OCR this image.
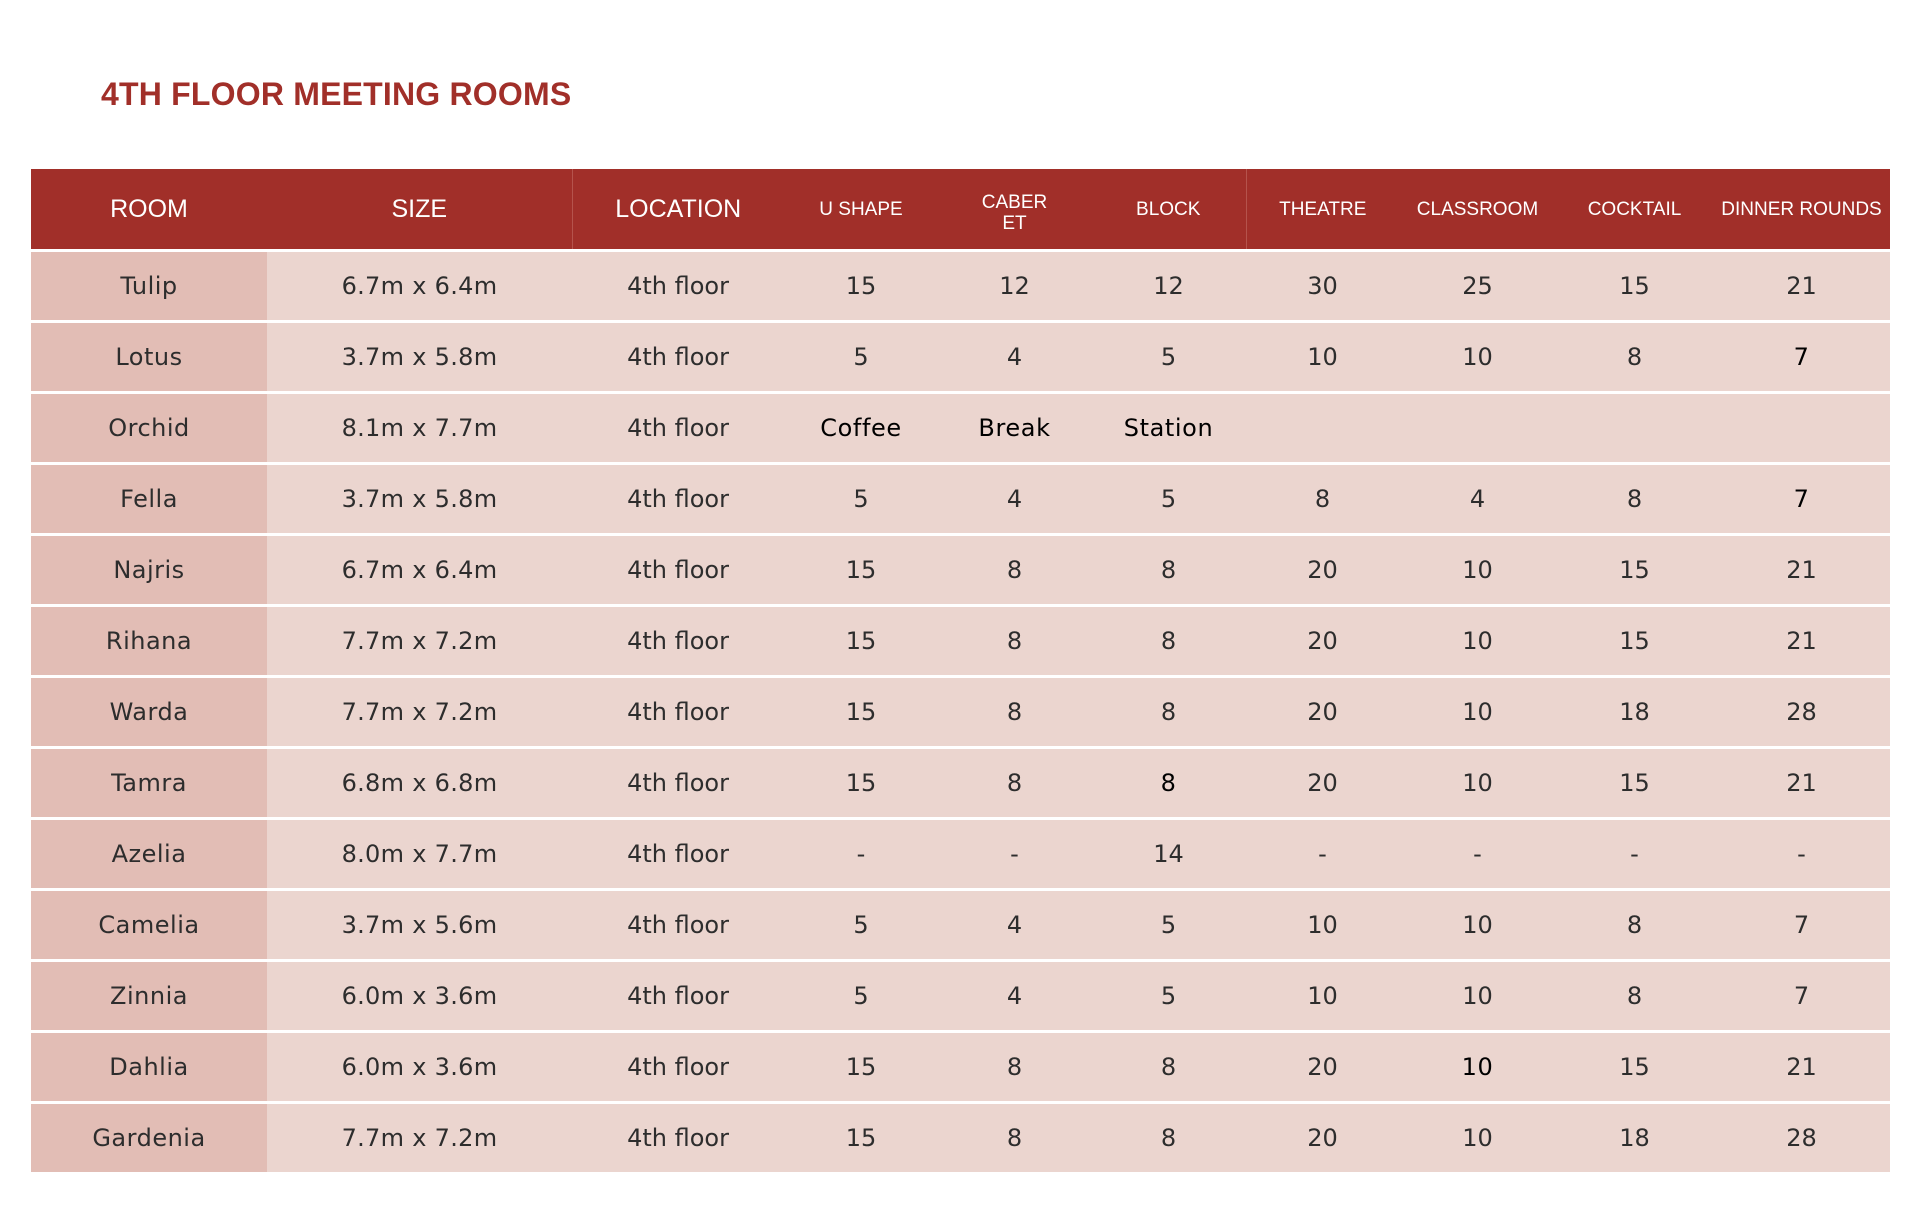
4TH FLOOR MEETING ROOMS
ROOM	SIZE	LOCATION	U SHAPE	CABERET	BLOCK	THEATRE	CLASSROOM	COCKTAIL	DINNER ROUNDS
Tulip	6.7m x 6.4m	4th floor	15	12	12	30	25	15	21
Lotus	3.7m x 5.8m	4th floor	5	4	5	10	10	8	7
Orchid	8.1m x 7.7m	4th floor	Coffee	Break	Station				
Fella	3.7m x 5.8m	4th floor	5	4	5	8	4	8	7
Najris	6.7m x 6.4m	4th floor	15	8	8	20	10	15	21
Rihana	7.7m x 7.2m	4th floor	15	8	8	20	10	15	21
Warda	7.7m x 7.2m	4th floor	15	8	8	20	10	18	28
Tamra	6.8m x 6.8m	4th floor	15	8	8	20	10	15	21
Azelia	8.0m x 7.7m	4th floor	-	-	14	-	-	-	-
Camelia	3.7m x 5.6m	4th floor	5	4	5	10	10	8	7
Zinnia	6.0m x 3.6m	4th floor	5	4	5	10	10	8	7
Dahlia	6.0m x 3.6m	4th floor	15	8	8	20	10	15	21
Gardenia	7.7m x 7.2m	4th floor	15	8	8	20	10	18	28
